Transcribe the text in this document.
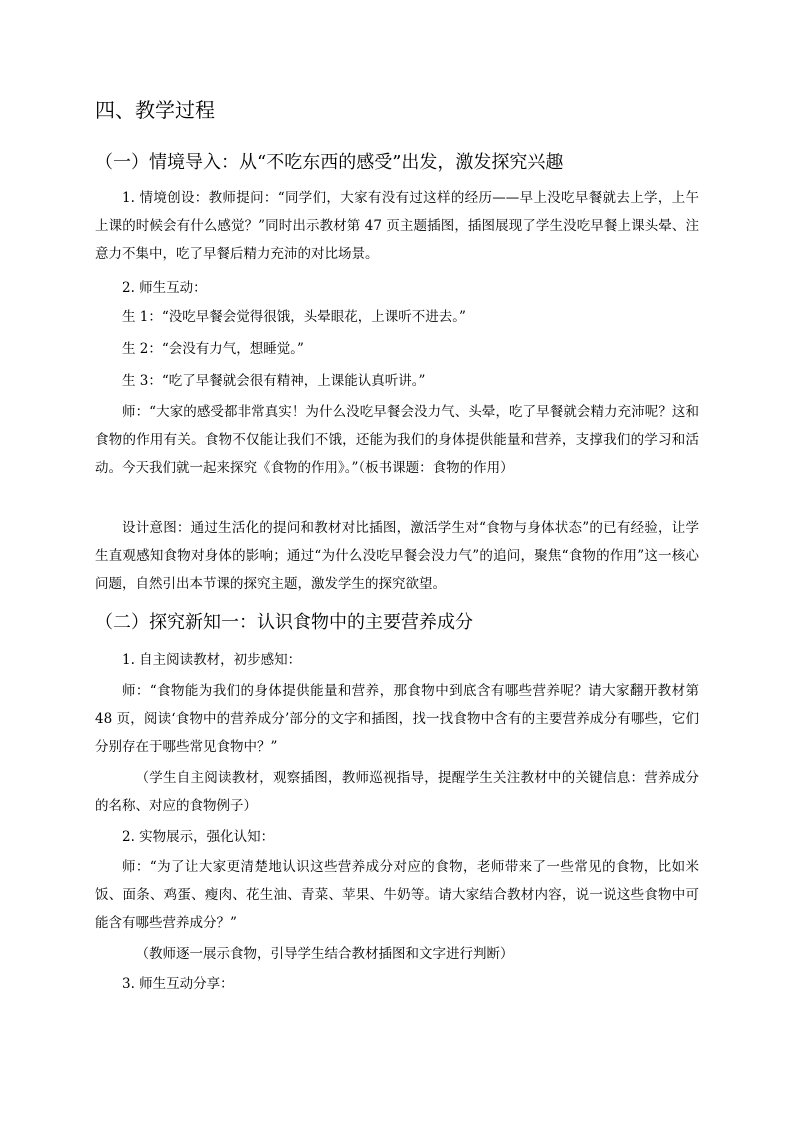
四、教学过程
（一）情境导入：从“不吃东西的感受”出发，激发探究兴趣

1. 情境创设：教师提问：“同学们，大家有没有过这样的经历——早上没吃早餐就去上学，上午上课的时候会有什么感觉？”同时出示教材第 47 页主题插图，插图展现了学生没吃早餐上课头晕、注意力不集中，吃了早餐后精力充沛的对比场景。

2. 师生互动：

生 1：“没吃早餐会觉得很饿，头晕眼花，上课听不进去。”

生 2：“会没有力气，想睡觉。”

生 3：“吃了早餐就会很有精神，上课能认真听讲。”

师：“大家的感受都非常真实！为什么没吃早餐会没力气、头晕，吃了早餐就会精力充沛呢？这和食物的作用有关。食物不仅能让我们不饿，还能为我们的身体提供能量和营养，支撑我们的学习和活动。今天我们就一起来探究《食物的作用》。”（板书课题：食物的作用）

设计意图：通过生活化的提问和教材对比插图，激活学生对“食物与身体状态”的已有经验，让学生直观感知食物对身体的影响；通过“为什么没吃早餐会没力气”的追问，聚焦“食物的作用”这一核心问题，自然引出本节课的探究主题，激发学生的探究欲望。

（二）探究新知一：认识食物中的主要营养成分

1. 自主阅读教材，初步感知：

师：“食物能为我们的身体提供能量和营养，那食物中到底含有哪些营养呢？请大家翻开教材第 48 页，阅读‘食物中的营养成分’部分的文字和插图，找一找食物中含有的主要营养成分有哪些，它们分别存在于哪些常见食物中？”

（学生自主阅读教材，观察插图，教师巡视指导，提醒学生关注教材中的关键信息：营养成分的名称、对应的食物例子）

2. 实物展示，强化认知：

师：“为了让大家更清楚地认识这些营养成分对应的食物，老师带来了一些常见的食物，比如米饭、面条、鸡蛋、瘦肉、花生油、青菜、苹果、牛奶等。请大家结合教材内容，说一说这些食物中可能含有哪些营养成分？”

（教师逐一展示食物，引导学生结合教材插图和文字进行判断）

3. 师生互动分享：
